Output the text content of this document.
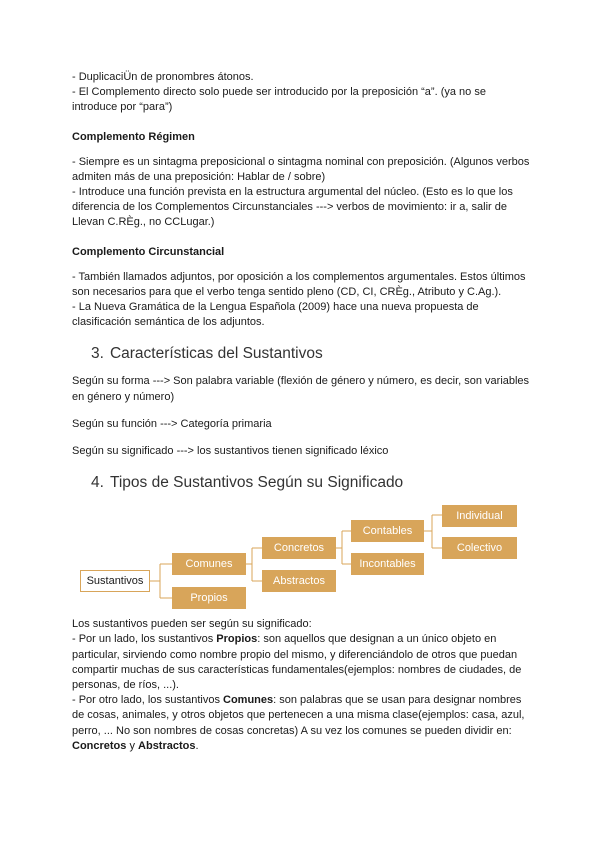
- DuplicaciÜn de pronombres átonos.

- El Complemento directo solo puede ser introducido por la preposición “a”. (ya no se introduce por “para”)

Complemento Régimen

- Siempre es un sintagma preposicional o sintagma nominal con preposición. (Algunos verbos admiten más de una preposición: Hablar de / sobre)

- Introduce una función prevista en la estructura argumental del núcleo. (Esto es lo que los diferencia de los Complementos Circunstanciales ---> verbos de movimiento: ir a, salir de Llevan C.RÈg., no CCLugar.)

Complemento Circunstancial

- También llamados adjuntos, por oposición a los complementos argumentales. Estos últimos son necesarios para que el verbo tenga sentido pleno (CD, CI, CRÈg., Atributo y C.Ag.).

- La Nueva Gramática de la Lengua Española (2009) hace una nueva propuesta de clasificación semántica de los adjuntos.

3. Características del Sustantivos

Según su forma ---> Son palabra variable (flexión de género y número, es decir, son variables en género y número)

Según su función ---> Categoría primaria

Según su significado ---> los sustantivos tienen significado léxico

4. Tipos de Sustantivos Según su Significado
Sustantivos
Comunes
Propios
Concretos
Abstractos
Contables
Incontables
Individual
Colectivo

Los sustantivos pueden ser según su significado:

- Por un lado, los sustantivos Propios: son aquellos que designan a un único objeto en particular, sirviendo como nombre propio del mismo, y diferenciándolo de otros que puedan compartir muchas de sus características fundamentales(ejemplos: nombres de ciudades, de personas, de ríos, ...).

- Por otro lado, los sustantivos Comunes: son palabras que se usan para designar nombres de cosas, animales, y otros objetos que pertenecen a una misma clase(ejemplos: casa, azul, perro, ... No son nombres de cosas concretas) A su vez los comunes se pueden dividir en: Concretos y Abstractos.
